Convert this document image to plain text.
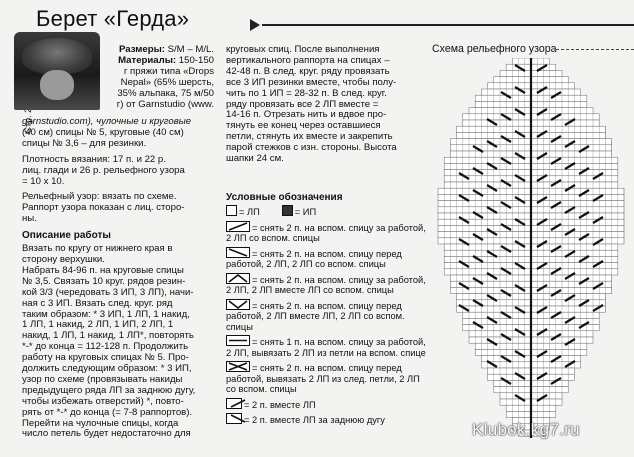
Берет «Герда»
Размеры: S/M – M/L.
Материалы: 150-150
г пряжи типа «Drops
Nepal» (65% шерсть,
35% альпака, 75 м/50
г) от Garnstudio (www.
garnstudio.com), чулочные и круговые
(40 см) спицы № 5, круговые (40 см)
спицы № 3,6 – для резинки.
Плотность вязания: 17 п. и 22 р.
лиц. глади и 26 р. рельефного узора
= 10 х 10.
Рельефный узор: вязать по схеме.
Раппорт узора показан с лиц. сторо-
ны.
Описание работы
Вязать по кругу от нижнего края в
сторону верхушки.
Набрать 84-96 п. на круговые спицы
№ 3,5. Связать 10 круг. рядов резин-
кой 3/3 (чередовать 3 ИП, 3 ЛП), начи-
ная с 3 ИП. Вязать след. круг. ряд
таким образом: * 3 ИП, 1 ЛП, 1 накид,
1 ЛП, 1 накид, 2 ЛП, 1 ИП, 2 ЛП, 1
накид, 1 ЛП, 1 накид, 1 ЛП*, повторять
*-* до конца = 112-128 п. Продолжить
работу на круговых спицах № 5. Про-
должить следующим образом: * 3 ИП,
узор по схеме (провязывать накиды
предыдущего ряда ЛП за заднюю дугу,
чтобы избежать отверстий) *, повто-
рять от *-* до конца (= 7-8 раппортов).
Перейти на чулочные спицы, когда
число петель будет недостаточно для
круговых спиц. После выполнения
вертикального раппорта на спицах –
42-48 п. В след. круг. ряду провязать
все 3 ИП резинки вместе, чтобы полу-
чить по 1 ИП = 28-32 п. В след. круг.
ряду провязать все 2 ЛП вместе =
14-16 п. Отрезать нить и вдвое про-
тянуть ее конец через оставшиеся
петли, стянуть их вместе и закрепить
парой стежков с изн. стороны. Высота
шапки 24 см.
Условные обозначения
= ЛП	= ИП
= снять 2 п. на вспом. спицу за работой, 2 ЛП со вспом. спицы
= снять 2 п. на вспом. спицу перед работой, 2 ЛП, 2 ЛП со вспом. спицы
= снять 2 п. на вспом. спицу за работой, 2 ЛП, 2 ЛП вместе ЛП со вспом. спицы
= снять 2 п. на вспом. спицу перед работой, 2 ЛП вместе ЛП, 2 ЛП со вспом. спицы
= снять 1 п. на вспом. спицу за работой, 2 ЛП, вывязать 2 ЛП из петли на вспом. спице
= снять 2 п. на вспом. спицу перед работой, вывязать 2 ЛП из след. петли, 2 ЛП со вспом. спицы
= 2 п. вместе ЛП
= 2 п. вместе ЛП за заднюю дугу
Схема рельефного узора
Klubok.kg7.ru
